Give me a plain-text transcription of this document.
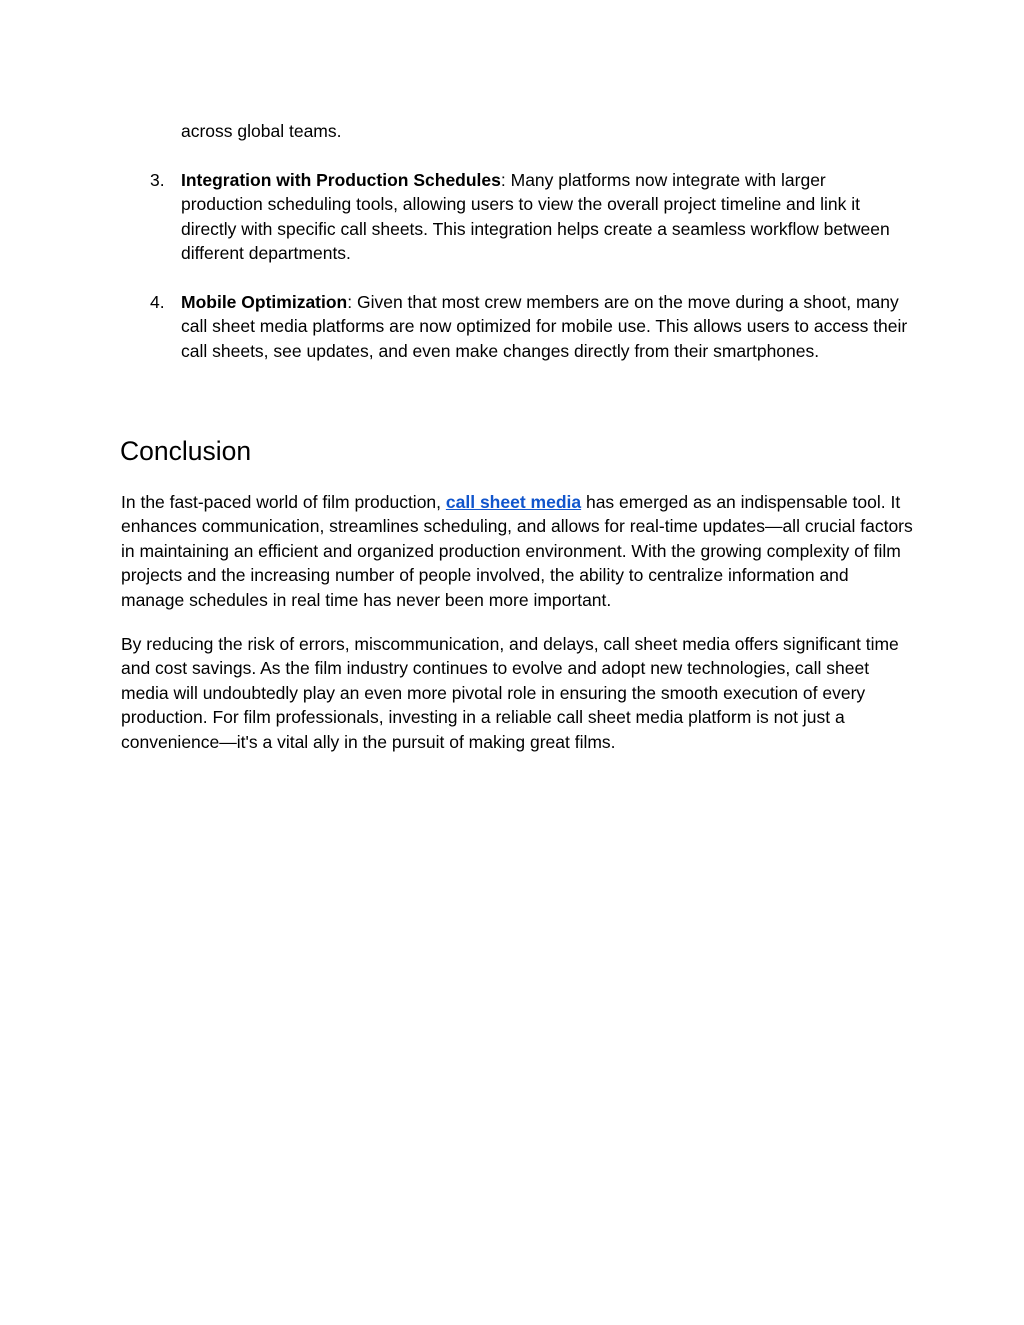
across global teams.

3. Integration with Production Schedules: Many platforms now integrate with larger production scheduling tools, allowing users to view the overall project timeline and link it directly with specific call sheets. This integration helps create a seamless workflow between different departments.
4. Mobile Optimization: Given that most crew members are on the move during a shoot, many call sheet media platforms are now optimized for mobile use. This allows users to access their call sheets, see updates, and even make changes directly from their smartphones.
Conclusion

In the fast-paced world of film production, call sheet media has emerged as an indispensable tool. It enhances communication, streamlines scheduling, and allows for real-time updates—all crucial factors in maintaining an efficient and organized production environment. With the growing complexity of film projects and the increasing number of people involved, the ability to centralize information and manage schedules in real time has never been more important.

By reducing the risk of errors, miscommunication, and delays, call sheet media offers significant time and cost savings. As the film industry continues to evolve and adopt new technologies, call sheet media will undoubtedly play an even more pivotal role in ensuring the smooth execution of every production. For film professionals, investing in a reliable call sheet media platform is not just a convenience—it's a vital ally in the pursuit of making great films.
